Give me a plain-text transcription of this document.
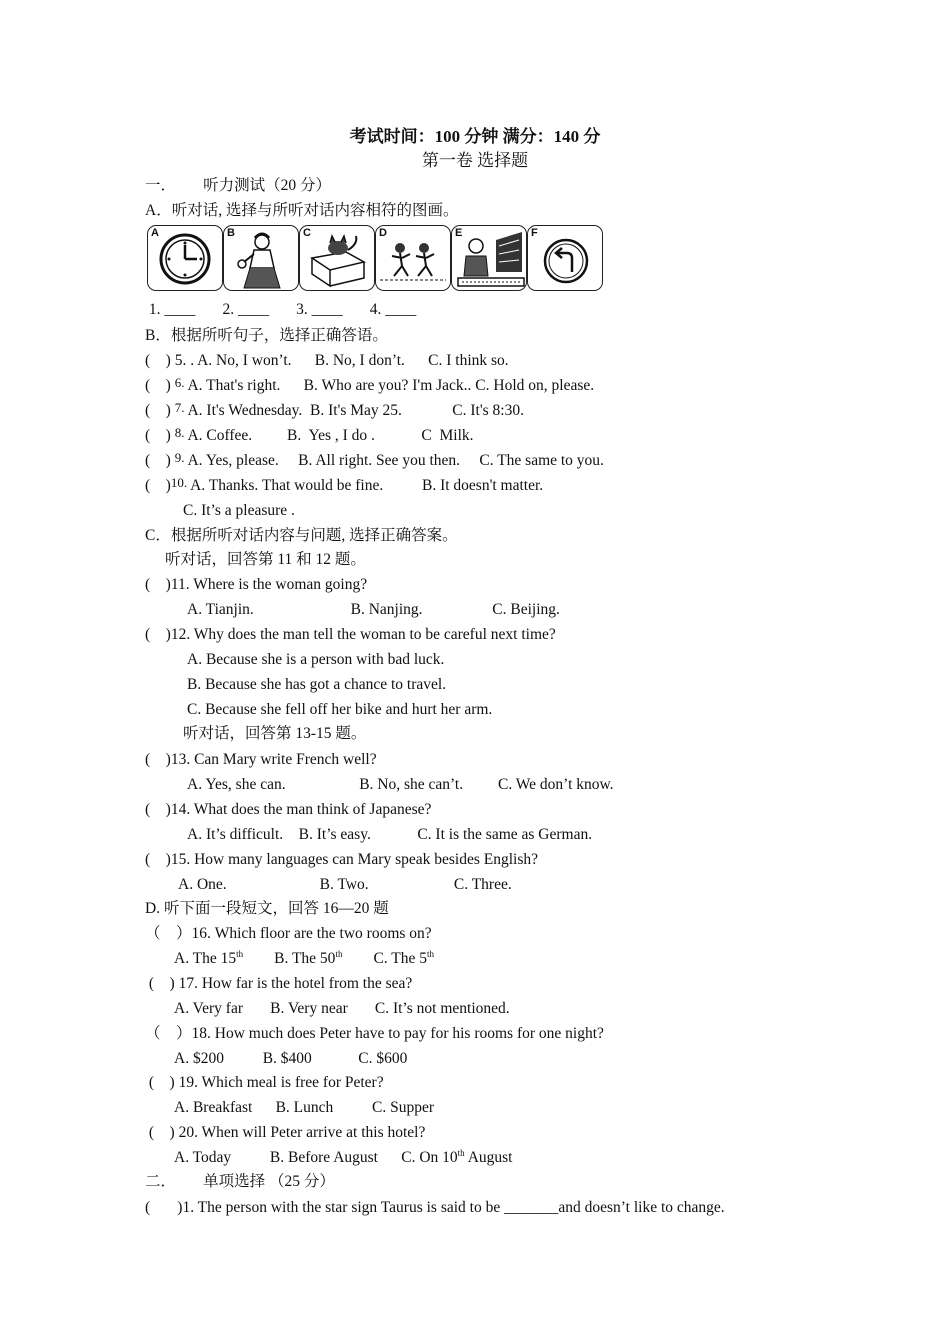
考试时间：100 分钟 满分：140 分
第一卷 选择题
一．       听力测试（20 分）
A．听对话, 选择与所听对话内容相符的图画。
A	B	C	D	E	F
1. ____       2. ____       3. ____       4. ____
B．根据所听句子，选择正确答语。
(    ) 5. . A. No, I won’t.      B. No, I don’t.      C. I think so.
(    ) 6. A. That's right.      B. Who are you? I'm Jack.. C. Hold on, please.
(    ) 7. A. It's Wednesday.  B. It's May 25.             C. It's 8:30.
(    ) 8. A. Coffee.         B.  Yes , I do .            C  Milk.
(    ) 9. A. Yes, please.     B. All right. See you then.     C. The same to you.
(    )10. A. Thanks. That would be fine.          B. It doesn't matter.
C. It’s a pleasure .
C．根据所听对话内容与问题, 选择正确答案。
听对话，回答第 11 和 12 题。
(    )11. Where is the woman going?
A. Tianjin.                         B. Nanjing.                  C. Beijing.
(    )12. Why does the man tell the woman to be careful next time?
A. Because she is a person with bad luck.
B. Because she has got a chance to travel.
C. Because she fell off her bike and hurt her arm.
听对话，回答第 13-15 题。
(    )13. Can Mary write French well?
A. Yes, she can.                   B. No, she can’t.         C. We don’t know.
(    )14. What does the man think of Japanese?
A. It’s difficult.    B. It’s easy.            C. It is the same as German.
(    )15. How many languages can Mary speak besides English?
A. One.                        B. Two.                      C. Three.
D. 听下面一段短文，回答 16—20 题
（    ）16. Which floor are the two rooms on?
A. The 15th B. The 50th C. The 5th
(    ) 17. How far is the hotel from the sea?
A. Very far       B. Very near       C. It’s not mentioned.
（    ）18. How much does Peter have to pay for his rooms for one night?
A. $200          B. $400            C. $600
(    ) 19. Which meal is free for Peter?
A. Breakfast      B. Lunch          C. Supper
(    ) 20. When will Peter arrive at this hotel?
A. Today          B. Before August      C. On 10th August
二．       单项选择 （25 分）
(       )1. The person with the star sign Taurus is said to be _______and doesn’t like to change.
